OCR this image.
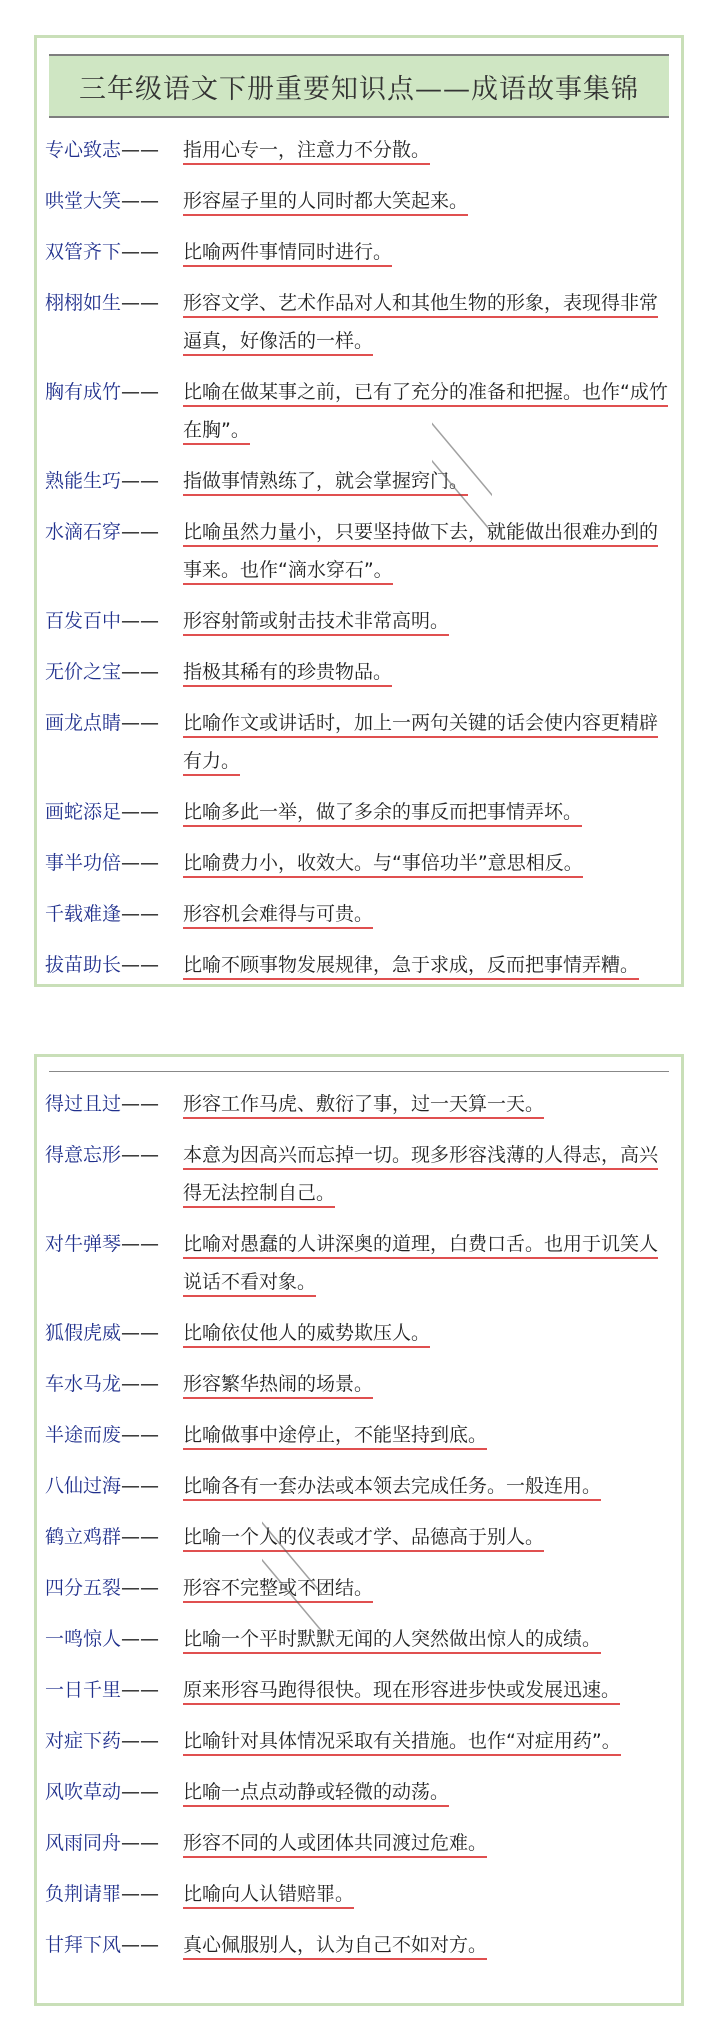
三年级语文下册重要知识点——成语故事集锦
专心致志——	指用心专一，注意力不分散。

哄堂大笑——	形容屋子里的人同时都大笑起来。

双管齐下——	比喻两件事情同时进行。

栩栩如生——	形容文学、艺术作品对人和其他生物的形象，表现得非常逼真，好像活的一样。

胸有成竹——	比喻在做某事之前，已有了充分的准备和把握。也作“成竹在胸”。

熟能生巧——	指做事情熟练了，就会掌握窍门。

水滴石穿——	比喻虽然力量小，只要坚持做下去，就能做出很难办到的事来。也作“滴水穿石”。

百发百中——	形容射箭或射击技术非常高明。

无价之宝——	指极其稀有的珍贵物品。

画龙点睛——	比喻作文或讲话时，加上一两句关键的话会使内容更精辟有力。

画蛇添足——	比喻多此一举，做了多余的事反而把事情弄坏。

事半功倍——	比喻费力小，收效大。与“事倍功半”意思相反。

千载难逢——	形容机会难得与可贵。

拔苗助长——	比喻不顾事物发展规律，急于求成，反而把事情弄糟。

得过且过——	形容工作马虎、敷衍了事，过一天算一天。

得意忘形——	本意为因高兴而忘掉一切。现多形容浅薄的人得志，高兴得无法控制自己。

对牛弹琴——	比喻对愚蠢的人讲深奥的道理，白费口舌。也用于讥笑人说话不看对象。

狐假虎威——	比喻依仗他人的威势欺压人。

车水马龙——	形容繁华热闹的场景。

半途而废——	比喻做事中途停止，不能坚持到底。

八仙过海——	比喻各有一套办法或本领去完成任务。一般连用。

鹤立鸡群——	比喻一个人的仪表或才学、品德高于别人。

四分五裂——	形容不完整或不团结。

一鸣惊人——	比喻一个平时默默无闻的人突然做出惊人的成绩。

一日千里——	原来形容马跑得很快。现在形容进步快或发展迅速。

对症下药——	比喻针对具体情况采取有关措施。也作“对症用药”。

风吹草动——	比喻一点点动静或轻微的动荡。

风雨同舟——	形容不同的人或团体共同渡过危难。

负荆请罪——	比喻向人认错赔罪。

甘拜下风——	真心佩服别人，认为自己不如对方。
